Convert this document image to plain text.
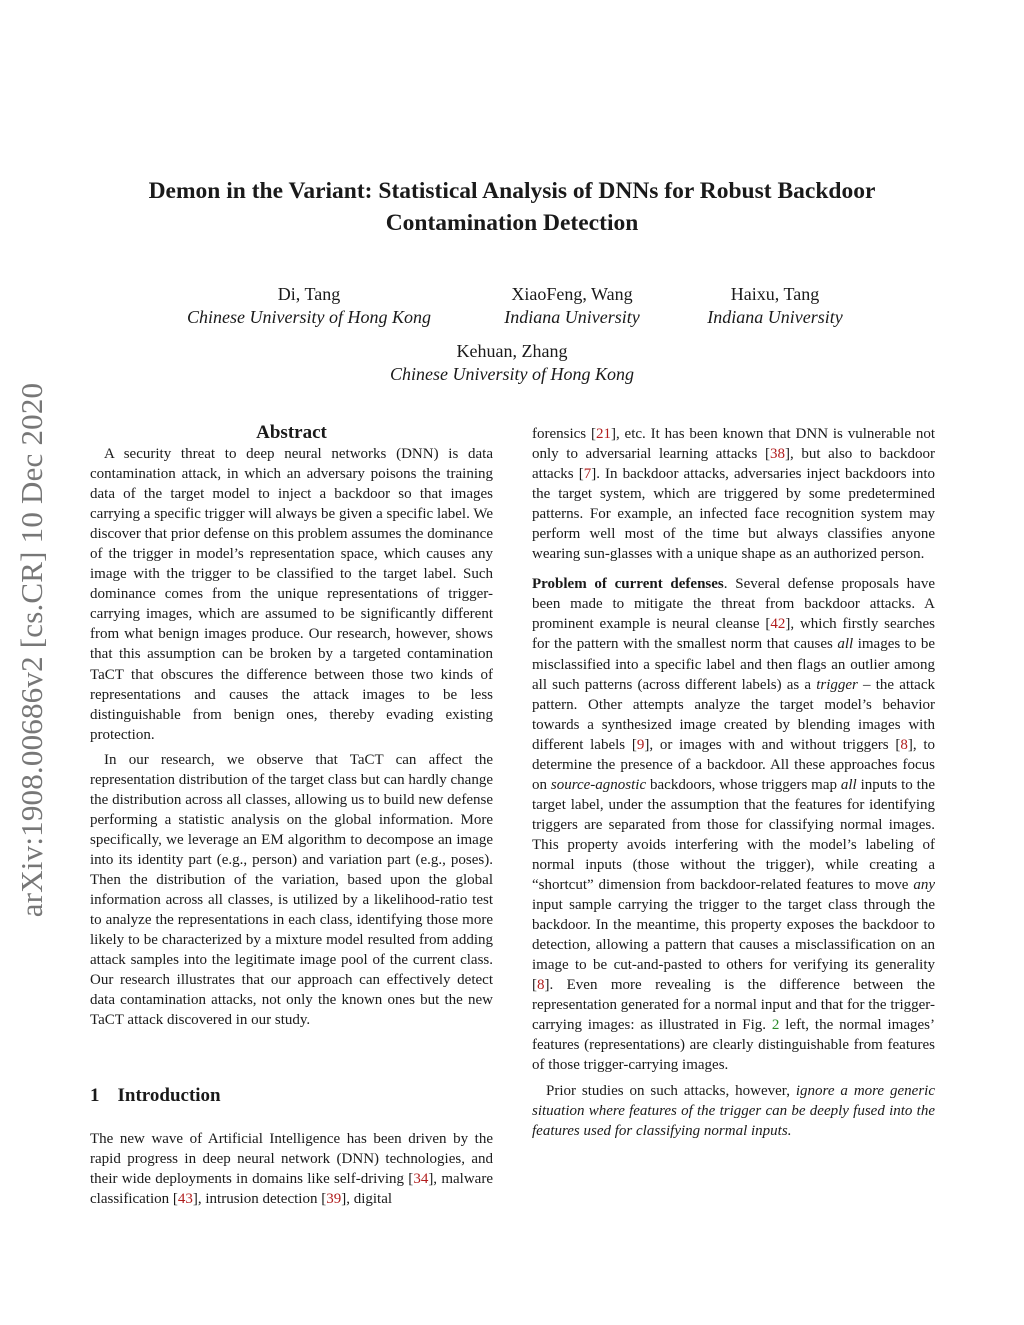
arXiv:1908.00686v2 [cs.CR] 10 Dec 2020
Demon in the Variant: Statistical Analysis of DNNs for Robust Backdoor
Contamination Detection
Di, Tang
Chinese University of Hong Kong
XiaoFeng, Wang
Indiana University
Haixu, Tang
Indiana University
Kehuan, Zhang
Chinese University of Hong Kong
Abstract

A security threat to deep neural networks (DNN) is data contamination attack, in which an adversary poisons the training data of the target model to inject a backdoor so that images carrying a specific trigger will always be given a specific label. We discover that prior defense on this problem assumes the dominance of the trigger in model’s representation space, which causes any image with the trigger to be classified to the target label. Such dominance comes from the unique representations of trigger-carrying images, which are assumed to be significantly different from what benign images produce. Our research, however, shows that this assumption can be broken by a targeted contamination TaCT that obscures the difference between those two kinds of representations and causes the attack images to be less distinguishable from benign ones, thereby evading existing protection.

In our research, we observe that TaCT can affect the representation distribution of the target class but can hardly change the distribution across all classes, allowing us to build new defense performing a statistic analysis on the global information. More specifically, we leverage an EM algorithm to decompose an image into its identity part (e.g., person) and variation part (e.g., poses). Then the distribution of the variation, based upon the global information across all classes, is utilized by a likelihood-ratio test to analyze the representations in each class, identifying those more likely to be characterized by a mixture model resulted from adding attack samples into the legitimate image pool of the current class. Our research illustrates that our approach can effectively detect data contamination attacks, not only the known ones but the new TaCT attack discovered in our study.

1 Introduction

The new wave of Artificial Intelligence has been driven by the rapid progress in deep neural network (DNN) technologies, and their wide deployments in domains like self-driving [34], malware classification [43], intrusion detection [39], digital

forensics [21], etc. It has been known that DNN is vulnerable not only to adversarial learning attacks [38], but also to backdoor attacks [7]. In backdoor attacks, adversaries inject backdoors into the target system, which are triggered by some predetermined patterns. For example, an infected face recognition system may perform well most of the time but always classifies anyone wearing sun-glasses with a unique shape as an authorized person.

Problem of current defenses. Several defense proposals have been made to mitigate the threat from backdoor attacks. A prominent example is neural cleanse [42], which firstly searches for the pattern with the smallest norm that causes all images to be misclassified into a specific label and then flags an outlier among all such patterns (across different labels) as a trigger – the attack pattern. Other attempts analyze the target model’s behavior towards a synthesized image created by blending images with different labels [9], or images with and without triggers [8], to determine the presence of a backdoor. All these approaches focus on source-agnostic backdoors, whose triggers map all inputs to the target label, under the assumption that the features for identifying triggers are separated from those for classifying normal images. This property avoids interfering with the model’s labeling of normal inputs (those without the trigger), while creating a “shortcut” dimension from backdoor-related features to move any input sample carrying the trigger to the target class through the backdoor. In the meantime, this property exposes the backdoor to detection, allowing a pattern that causes a misclassification on an image to be cut-and-pasted to others for verifying its generality [8]. Even more revealing is the difference between the representation generated for a normal input and that for the trigger-carrying images: as illustrated in Fig. 2 left, the normal images’ features (representations) are clearly distinguishable from features of those trigger-carrying images.

Prior studies on such attacks, however, ignore a more generic situation where features of the trigger can be deeply fused into the features used for classifying normal inputs.
